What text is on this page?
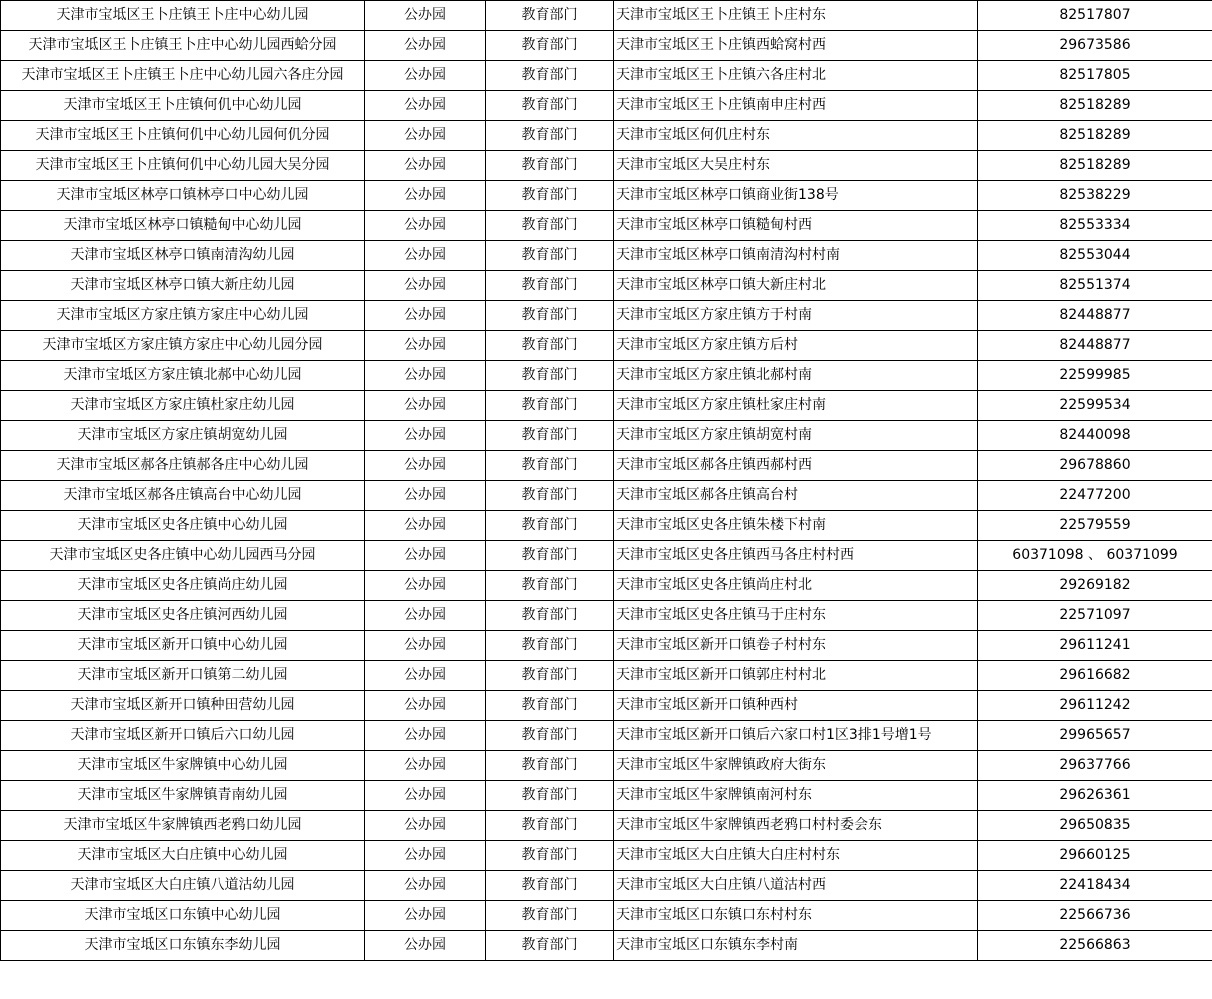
天津市宝坻区王卜庄镇王卜庄中心幼儿园	公办园	教育部门	天津市宝坻区王卜庄镇王卜庄村东	82517807
天津市宝坻区王卜庄镇王卜庄中心幼儿园西蛤分园	公办园	教育部门	天津市宝坻区王卜庄镇西蛤窝村西	29673586
天津市宝坻区王卜庄镇王卜庄中心幼儿园六各庄分园	公办园	教育部门	天津市宝坻区王卜庄镇六各庄村北	82517805
天津市宝坻区王卜庄镇何仉中心幼儿园	公办园	教育部门	天津市宝坻区王卜庄镇南申庄村西	82518289
天津市宝坻区王卜庄镇何仉中心幼儿园何仉分园	公办园	教育部门	天津市宝坻区何仉庄村东	82518289
天津市宝坻区王卜庄镇何仉中心幼儿园大吴分园	公办园	教育部门	天津市宝坻区大吴庄村东	82518289
天津市宝坻区林亭口镇林亭口中心幼儿园	公办园	教育部门	天津市宝坻区林亭口镇商业街138号	82538229
天津市宝坻区林亭口镇糙甸中心幼儿园	公办园	教育部门	天津市宝坻区林亭口镇糙甸村西	82553334
天津市宝坻区林亭口镇南清沟幼儿园	公办园	教育部门	天津市宝坻区林亭口镇南清沟村村南	82553044
天津市宝坻区林亭口镇大新庄幼儿园	公办园	教育部门	天津市宝坻区林亭口镇大新庄村北	82551374
天津市宝坻区方家庄镇方家庄中心幼儿园	公办园	教育部门	天津市宝坻区方家庄镇方于村南	82448877
天津市宝坻区方家庄镇方家庄中心幼儿园分园	公办园	教育部门	天津市宝坻区方家庄镇方后村	82448877
天津市宝坻区方家庄镇北郝中心幼儿园	公办园	教育部门	天津市宝坻区方家庄镇北郝村南	22599985
天津市宝坻区方家庄镇杜家庄幼儿园	公办园	教育部门	天津市宝坻区方家庄镇杜家庄村南	22599534
天津市宝坻区方家庄镇胡宽幼儿园	公办园	教育部门	天津市宝坻区方家庄镇胡宽村南	82440098
天津市宝坻区郝各庄镇郝各庄中心幼儿园	公办园	教育部门	天津市宝坻区郝各庄镇西郝村西	29678860
天津市宝坻区郝各庄镇高台中心幼儿园	公办园	教育部门	天津市宝坻区郝各庄镇高台村	22477200
天津市宝坻区史各庄镇中心幼儿园	公办园	教育部门	天津市宝坻区史各庄镇朱楼下村南	22579559
天津市宝坻区史各庄镇中心幼儿园西马分园	公办园	教育部门	天津市宝坻区史各庄镇西马各庄村村西	60371098 、 60371099
天津市宝坻区史各庄镇尚庄幼儿园	公办园	教育部门	天津市宝坻区史各庄镇尚庄村北	29269182
天津市宝坻区史各庄镇河西幼儿园	公办园	教育部门	天津市宝坻区史各庄镇马于庄村东	22571097
天津市宝坻区新开口镇中心幼儿园	公办园	教育部门	天津市宝坻区新开口镇卷子村村东	29611241
天津市宝坻区新开口镇第二幼儿园	公办园	教育部门	天津市宝坻区新开口镇郭庄村村北	29616682
天津市宝坻区新开口镇种田营幼儿园	公办园	教育部门	天津市宝坻区新开口镇种西村	29611242
天津市宝坻区新开口镇后六口幼儿园	公办园	教育部门	天津市宝坻区新开口镇后六家口村1区3排1号增1号	29965657
天津市宝坻区牛家牌镇中心幼儿园	公办园	教育部门	天津市宝坻区牛家牌镇政府大街东	29637766
天津市宝坻区牛家牌镇青南幼儿园	公办园	教育部门	天津市宝坻区牛家牌镇南河村东	29626361
天津市宝坻区牛家牌镇西老鸦口幼儿园	公办园	教育部门	天津市宝坻区牛家牌镇西老鸦口村村委会东	29650835
天津市宝坻区大白庄镇中心幼儿园	公办园	教育部门	天津市宝坻区大白庄镇大白庄村村东	29660125
天津市宝坻区大白庄镇八道沽幼儿园	公办园	教育部门	天津市宝坻区大白庄镇八道沽村西	22418434
天津市宝坻区口东镇中心幼儿园	公办园	教育部门	天津市宝坻区口东镇口东村村东	22566736
天津市宝坻区口东镇东李幼儿园	公办园	教育部门	天津市宝坻区口东镇东李村南	22566863
